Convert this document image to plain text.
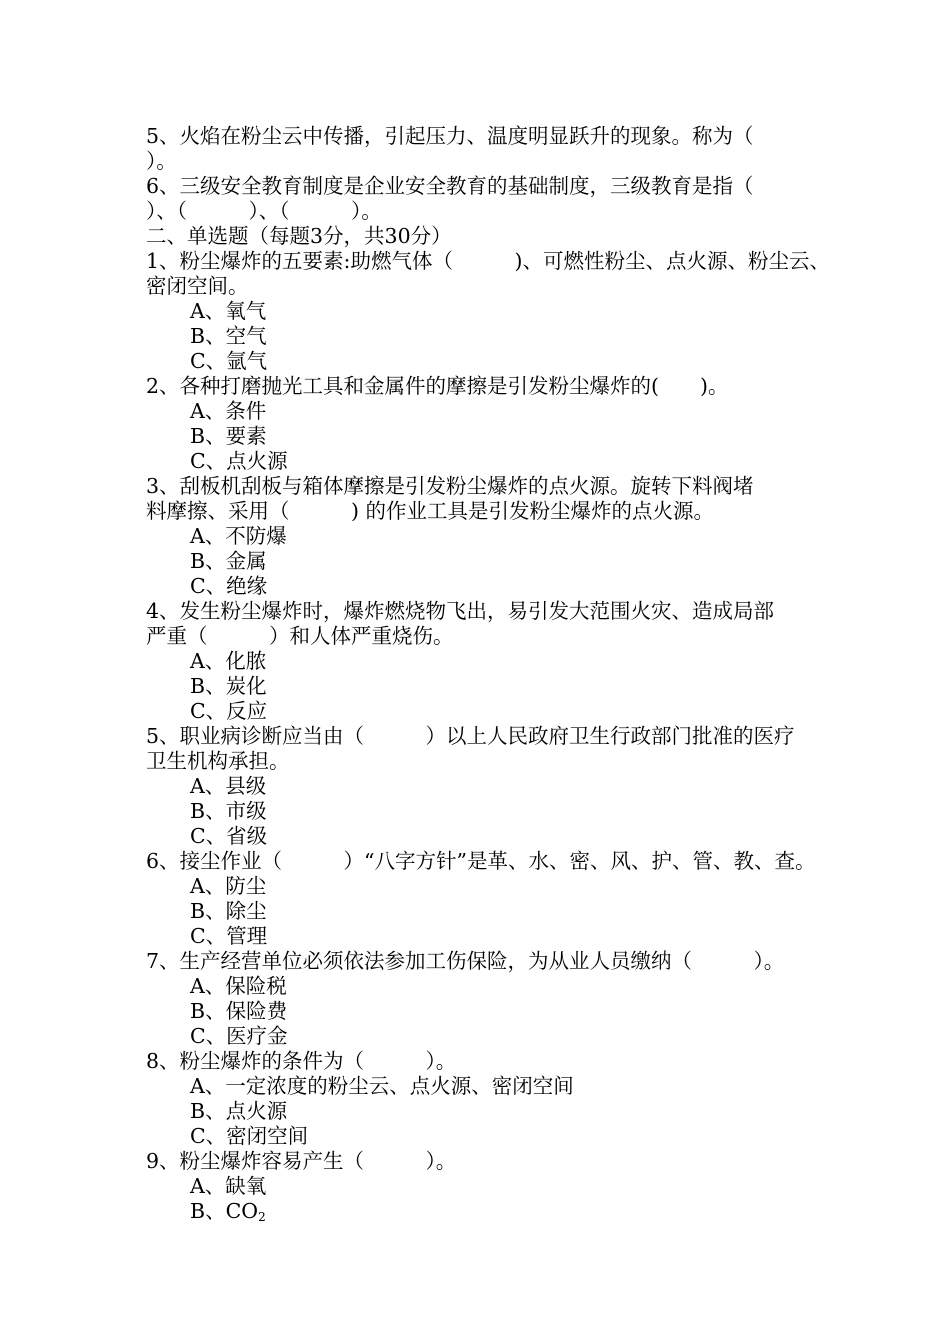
5、火焰在粉尘云中传播，引起压力、温度明显跃升的现象。称为（
）。
6、三级安全教育制度是企业安全教育的基础制度，三级教育是指（
）、（　　　）、（　　　）。
二、单选题（每题3分，共30分）
1、粉尘爆炸的五要素:助燃气体（　　　)、可燃性粉尘、点火源、粉尘云、
密闭空间。
A、氧气
B、空气
C、氩气
2、各种打磨抛光工具和金属件的摩擦是引发粉尘爆炸的(　　)。
A、条件
B、要素
C、点火源
3、刮板机刮板与箱体摩擦是引发粉尘爆炸的点火源。旋转下料阀堵
料摩擦、采用（　　　) 的作业工具是引发粉尘爆炸的点火源。
A、不防爆
B、金属
C、绝缘
4、发生粉尘爆炸时，爆炸燃烧物飞出，易引发大范围火灾、造成局部
严重（　　　）和人体严重烧伤。
A、化脓
B、炭化
C、反应
5、职业病诊断应当由（　　　）以上人民政府卫生行政部门批准的医疗
卫生机构承担。
A、县级
B、市级
C、省级
6、接尘作业（　　　）“八字方针”是革、水、密、风、护、管、教、查。
A、防尘
B、除尘
C、管理
7、生产经营单位必须依法参加工伤保险，为从业人员缴纳（　　　）。
A、保险税
B、保险费
C、医疗金
8、粉尘爆炸的条件为（　　　）。
A、一定浓度的粉尘云、点火源、密闭空间
B、点火源
C、密闭空间
9、粉尘爆炸容易产生（　　　）。
A、缺氧
B、$CO_2$
